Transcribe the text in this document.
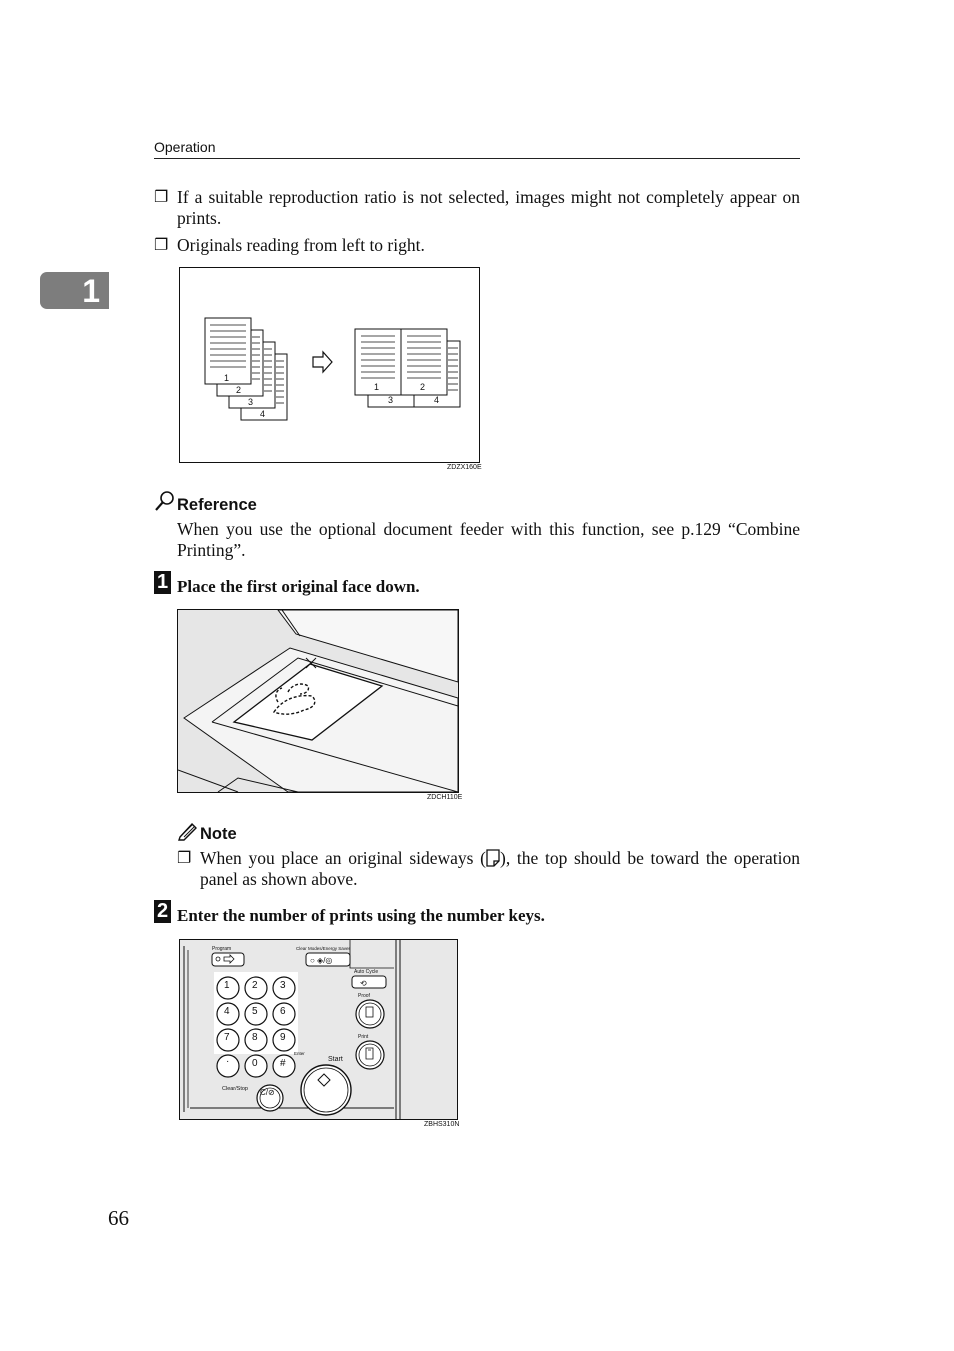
Operation
1
❐ If a suitable reproduction ratio is not selected, images might not completely appear on prints.
❐ Originals reading from left to right.
1
2
3
4
1	2
3	4
ZDZX160E
Reference
When you use the optional document feeder with this function, see p.129 “Combine Printing”.
1 Place the first original face down.
ZDCH110E
Note
❐ When you place an original sideways ( ), the top should be toward the operation panel as shown above.
2 Enter the number of prints using the number keys.
Program	Clear Modes/Energy Saver
○ ◈/◎
Auto Cycle
⟲
Proof
Print
Start
Clear/Stop C/⊘
Enter
1 2 3
4 5 6
7 8 9
· 0 #
ZBHS310N
66
